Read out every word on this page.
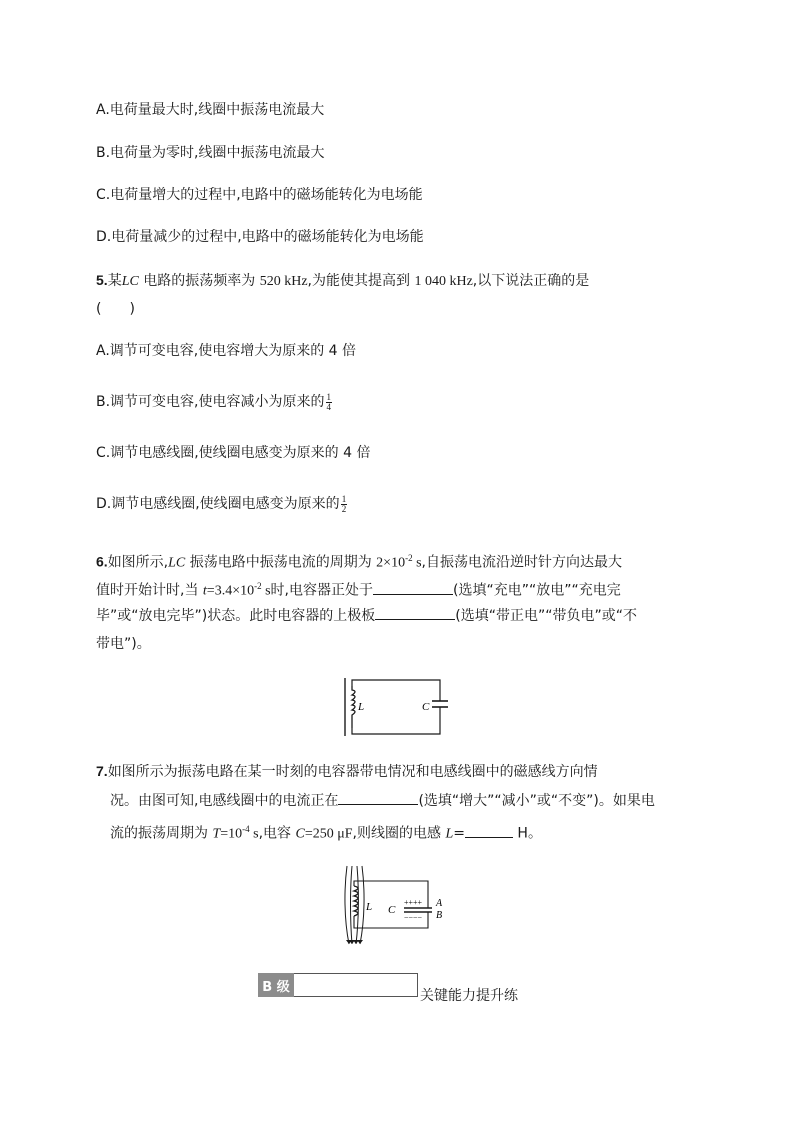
A.电荷量最大时,线圈中振荡电流最大
B.电荷量为零时,线圈中振荡电流最大
C.电荷量增大的过程中,电路中的磁场能转化为电场能
D.电荷量减少的过程中,电路中的磁场能转化为电场能
5.某LC 电路的振荡频率为 520 kHz,为能使其提高到 1 040 kHz,以下说法正确的是
(　　)
A.调节可变电容,使电容增大为原来的 4 倍
B.调节可变电容,使电容减小为原来的 $\frac{1}{4}$
C.调节电感线圈,使线圈电感变为原来的 4 倍
D.调节电感线圈,使线圈电感变为原来的 $\frac{1}{2}$
6.如图所示,LC 振荡电路中振荡电流的周期为 $2\times 10^{-2}$ s,自振荡电流沿逆时针方向达最大
值时开始计时,当 $t=3.4\times 10^{-2}$ s时,电容器正处于	(选填“充电”“放电”“充电完
毕”或“放电完毕”)状态。此时电容器的上极板	(选填“带正电”“带负电”或“不
带电”)。
L	C
7.如图所示为振荡电路在某一时刻的电容器带电情况和电感线圈中的磁感线方向情
况。由图可知,电感线圈中的电流正在	(选填“增大”“减小”或“不变”)。如果电
流的振荡周期为 $T=10^{-4}$ s,电容 C=250 μF,则线圈的电感 L=	H。
++++
−−−−
L C
A
B
B 级
关键能力提升练
